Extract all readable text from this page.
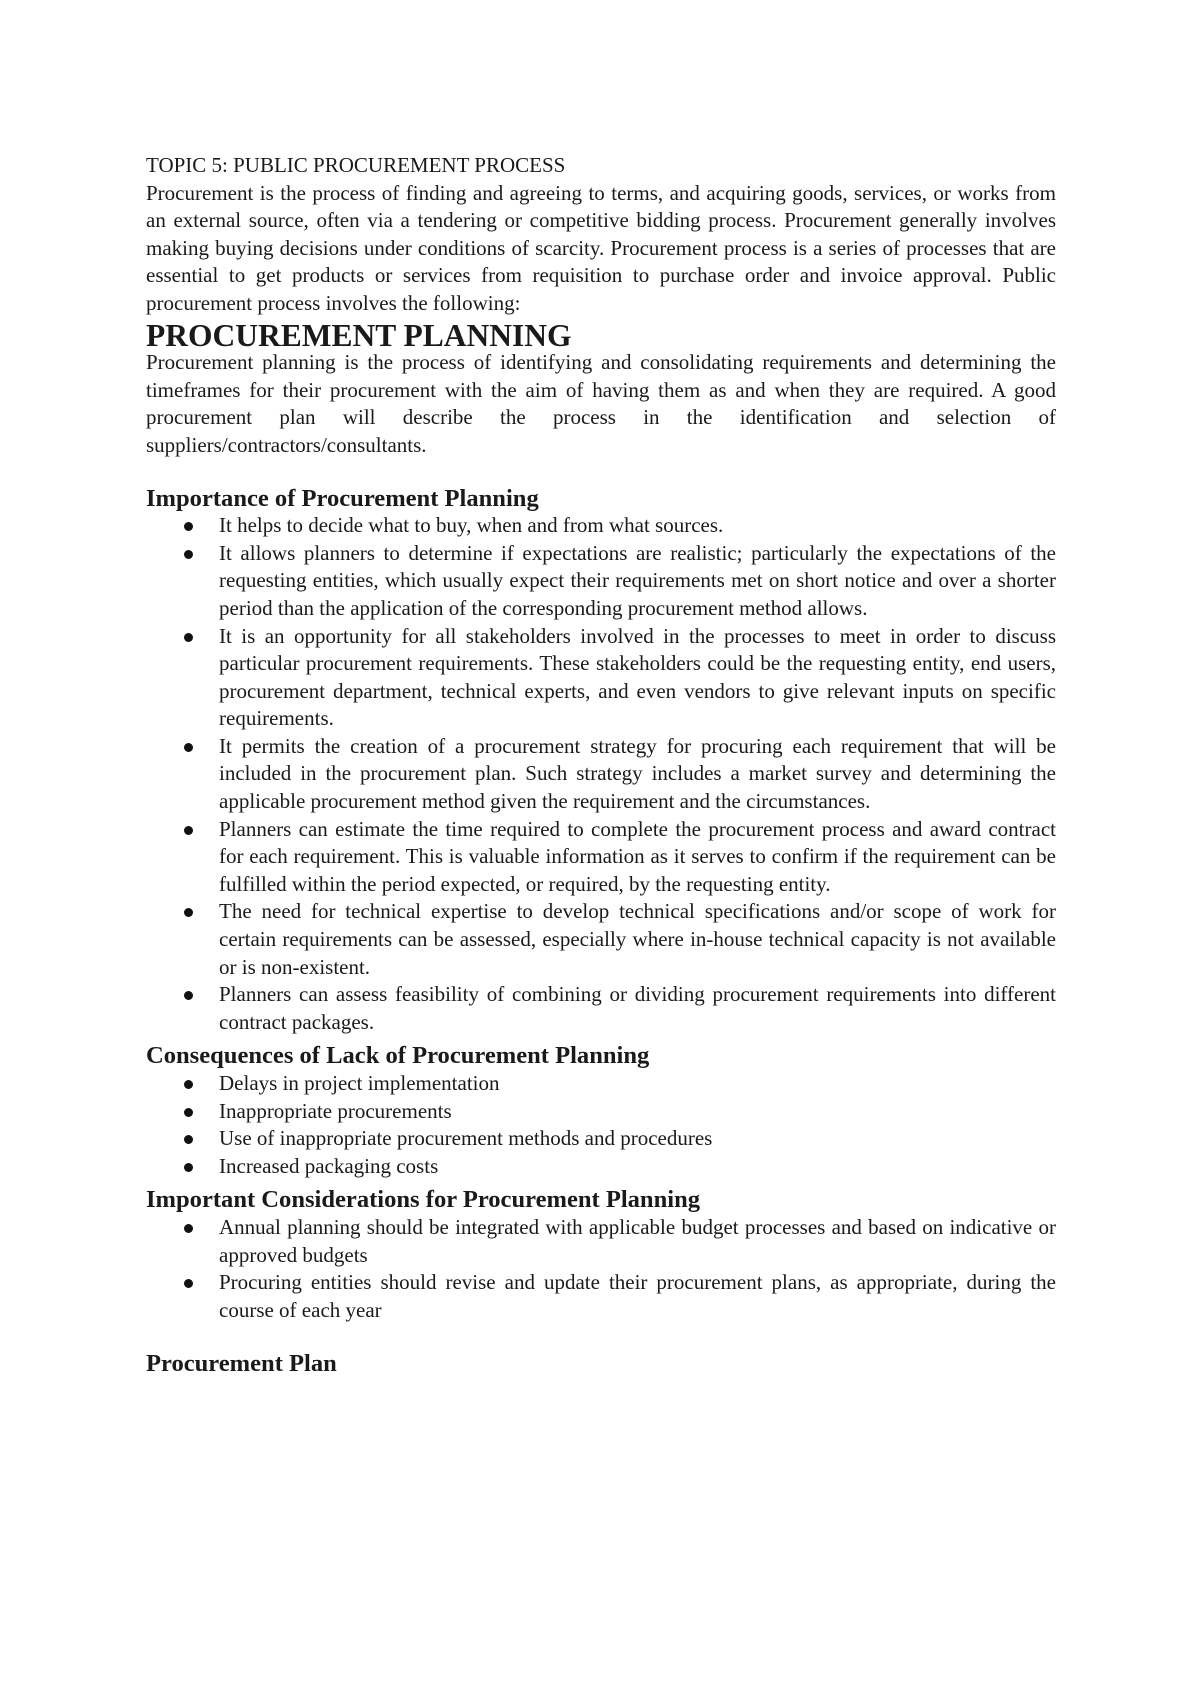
TOPIC 5: PUBLIC PROCUREMENT PROCESS

Procurement is the process of finding and agreeing to terms, and acquiring goods, services, or works from an external source, often via a tendering or competitive bidding process. Procurement generally involves making buying decisions under conditions of scarcity. Procurement process is a series of processes that are essential to get products or services from requisition to purchase order and invoice approval. Public procurement process involves the following:

PROCUREMENT PLANNING

Procurement planning is the process of identifying and consolidating requirements and determining the timeframes for their procurement with the aim of having them as and when they are required. A good procurement plan will describe the process in the identification and selection of suppliers/contractors/consultants.

Importance of Procurement Planning
It helps to decide what to buy, when and from what sources.
It allows planners to determine if expectations are realistic; particularly the expectations of the requesting entities, which usually expect their requirements met on short notice and over a shorter period than the application of the corresponding procurement method allows.
It is an opportunity for all stakeholders involved in the processes to meet in order to discuss particular procurement requirements. These stakeholders could be the requesting entity, end users, procurement department, technical experts, and even vendors to give relevant inputs on specific requirements.
It permits the creation of a procurement strategy for procuring each requirement that will be included in the procurement plan. Such strategy includes a market survey and determining the applicable procurement method given the requirement and the circumstances.
Planners can estimate the time required to complete the procurement process and award contract for each requirement. This is valuable information as it serves to confirm if the requirement can be fulfilled within the period expected, or required, by the requesting entity.
The need for technical expertise to develop technical specifications and/or scope of work for certain requirements can be assessed, especially where in-house technical capacity is not available or is non-existent.
Planners can assess feasibility of combining or dividing procurement requirements into different contract packages.
Consequences of Lack of Procurement Planning
Delays in project implementation
Inappropriate procurements
Use of inappropriate procurement methods and procedures
Increased packaging costs
Important Considerations for Procurement Planning
Annual planning should be integrated with applicable budget processes and based on indicative or approved budgets
Procuring entities should revise and update their procurement plans, as appropriate, during the course of each year
Procurement Plan
